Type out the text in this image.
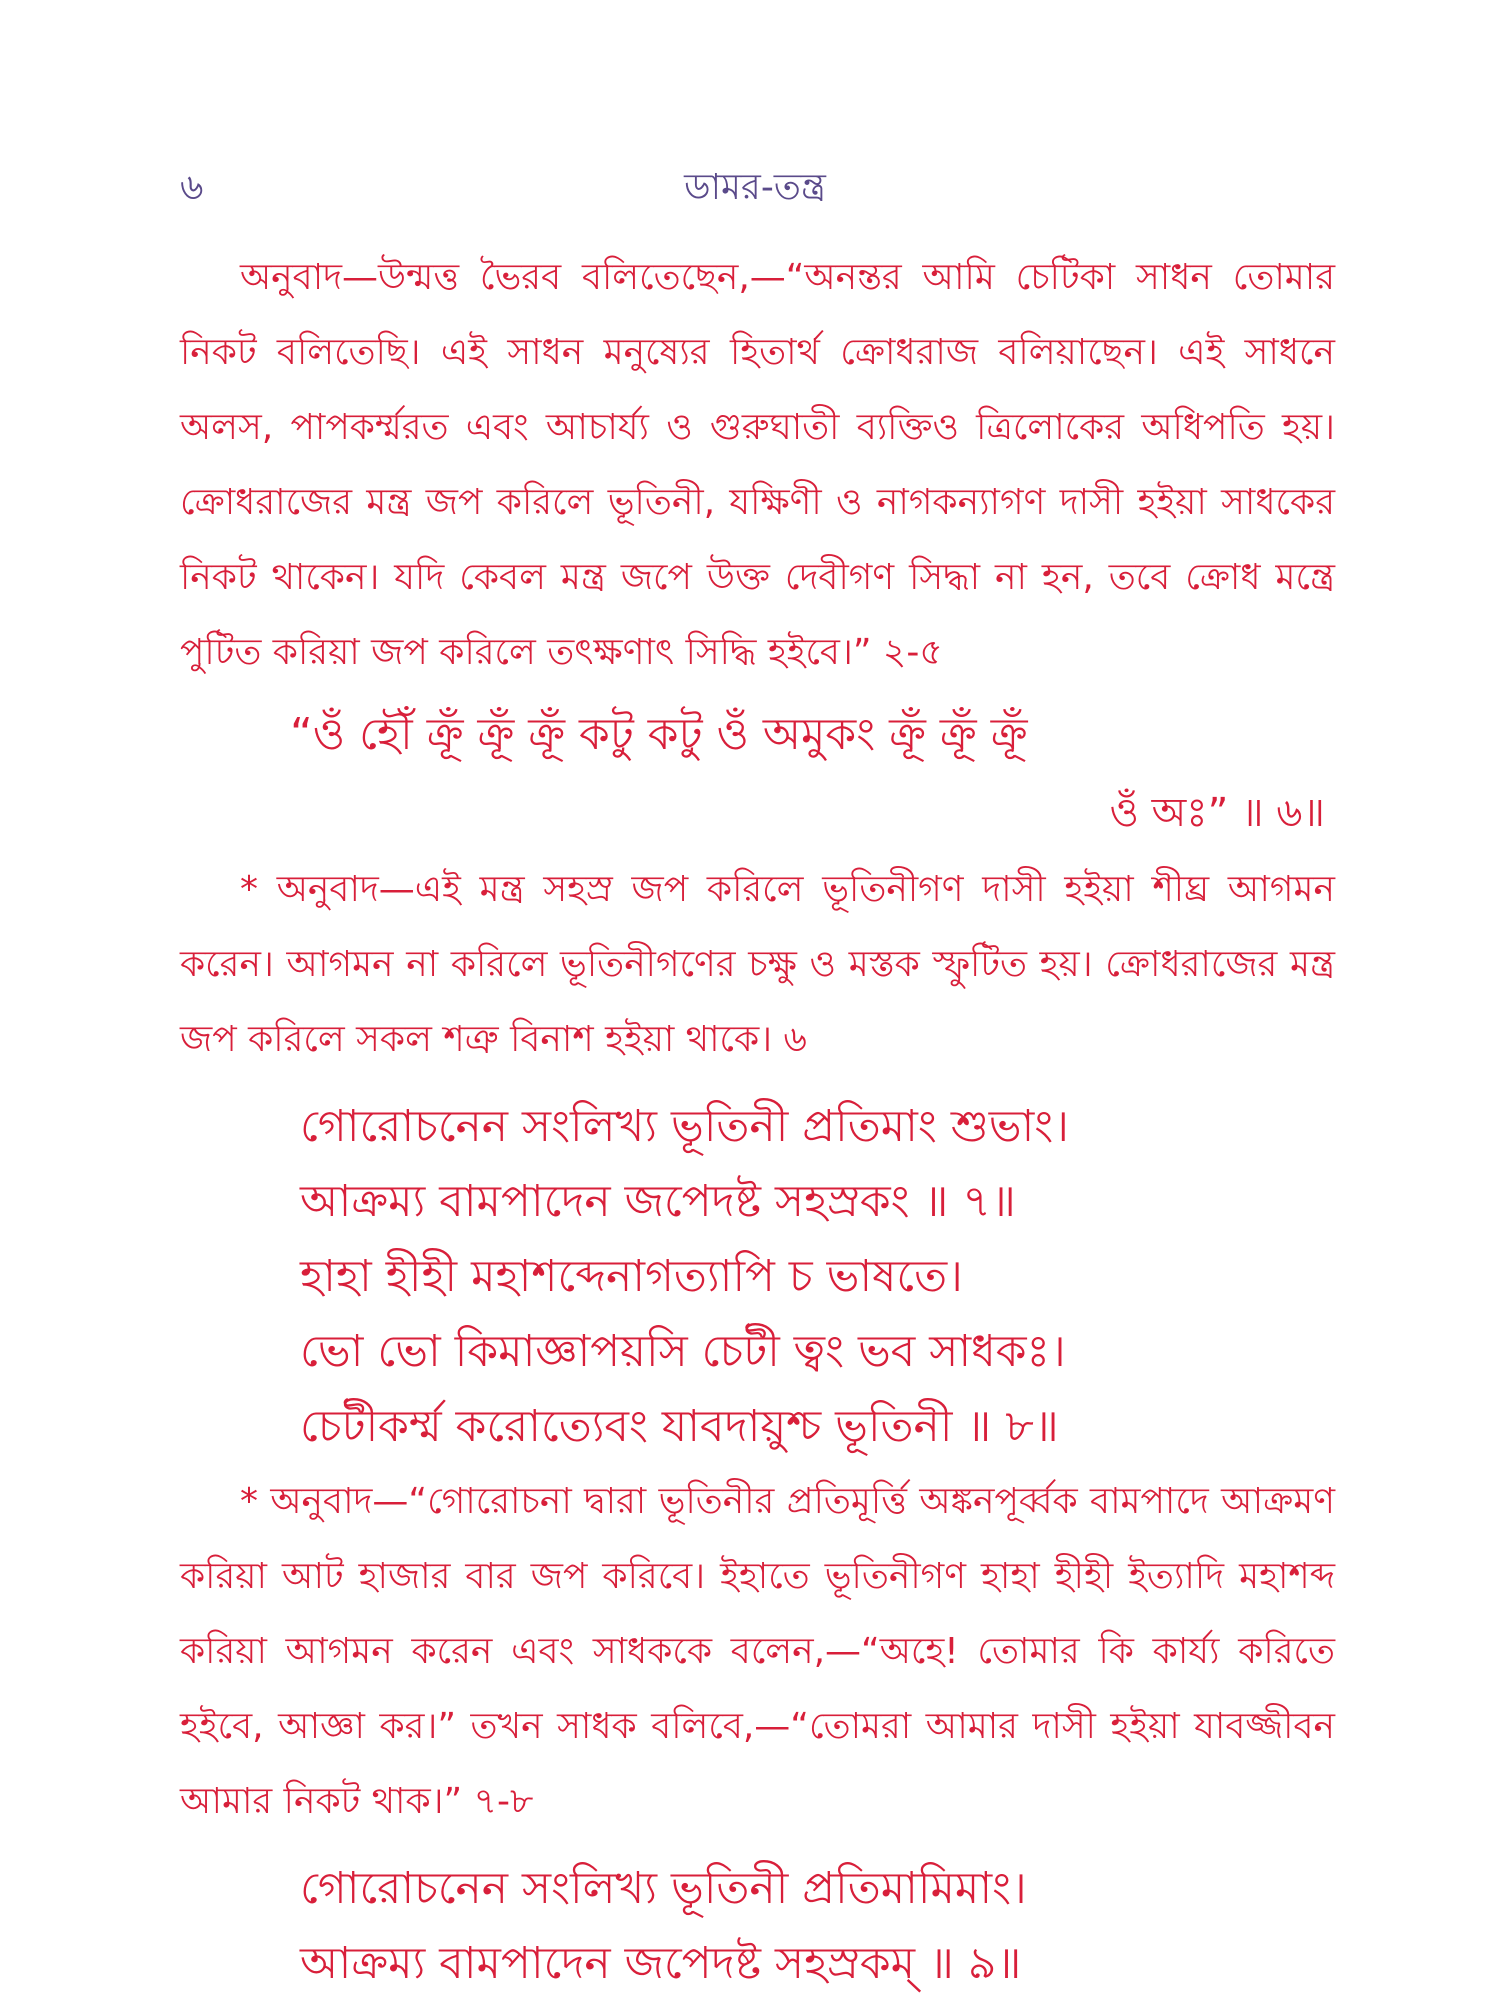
৬	ডামর-তন্ত্র

অনুবাদ—উন্মত্ত ভৈরব বলিতেছেন,—“অনন্তর আমি চেটিকা সাধন তোমার নিকট বলিতেছি। এই সাধন মনুষ্যের হিতার্থ ক্রোধরাজ বলিয়াছেন। এই সাধনে অলস, পাপকর্ম্মরত এবং আচার্য্য ও গুরুঘাতী ব্যক্তিও ত্রিলোকের অধিপতি হয়। ক্রোধরাজের মন্ত্র জপ করিলে ভূতিনী, যক্ষিণী ও নাগকন্যাগণ দাসী হইয়া সাধকের নিকট থাকেন। যদি কেবল মন্ত্র জপে উক্ত দেবীগণ সিদ্ধা না হন, তবে ক্রোধ মন্ত্রে পুটিত করিয়া জপ করিলে তৎক্ষণাৎ সিদ্ধি হইবে।” ২-৫

“ওঁ হৌঁ ক্রূঁ ক্রূঁ ক্রূঁ কটু কটু ওঁ অমুকং ক্রূঁ ক্রূঁ ক্রূঁ

ওঁ অঃ” ॥ ৬॥

* অনুবাদ—এই মন্ত্র সহস্র জপ করিলে ভূতিনীগণ দাসী হইয়া শীঘ্র আগমন করেন। আগমন না করিলে ভূতিনীগণের চক্ষু ও মস্তক স্ফুটিত হয়। ক্রোধরাজের মন্ত্র জপ করিলে সকল শত্রু বিনাশ হইয়া থাকে। ৬

গোরোচনেন সংলিখ্য ভূতিনী প্রতিমাং শুভাং।

আক্রম্য বামপাদেন জপেদষ্ট সহস্রকং ॥ ৭॥

হাহা হীহী মহাশব্দেনাগত্যাপি চ ভাষতে।

ভো ভো কিমাজ্ঞাপয়সি চেটী ত্বং ভব সাধকঃ।

চেটীকর্ম্ম করোত্যেবং যাবদায়ুশ্চ ভূতিনী ॥ ৮॥

* অনুবাদ—“গোরোচনা দ্বারা ভূতিনীর প্রতিমূর্ত্তি অঙ্কনপূর্ব্বক বামপাদে আক্রমণ করিয়া আট হাজার বার জপ করিবে। ইহাতে ভূতিনীগণ হাহা হীহী ইত্যাদি মহাশব্দ করিয়া আগমন করেন এবং সাধককে বলেন,—“অহে! তোমার কি কার্য্য করিতে হইবে, আজ্ঞা কর।” তখন সাধক বলিবে,—“তোমরা আমার দাসী হইয়া যাবজ্জীবন আমার নিকট থাক।” ৭-৮

গোরোচনেন সংলিখ্য ভূতিনী প্রতিমামিমাং।

আক্রম্য বামপাদেন জপেদষ্ট সহস্রকম্ ॥ ৯॥
